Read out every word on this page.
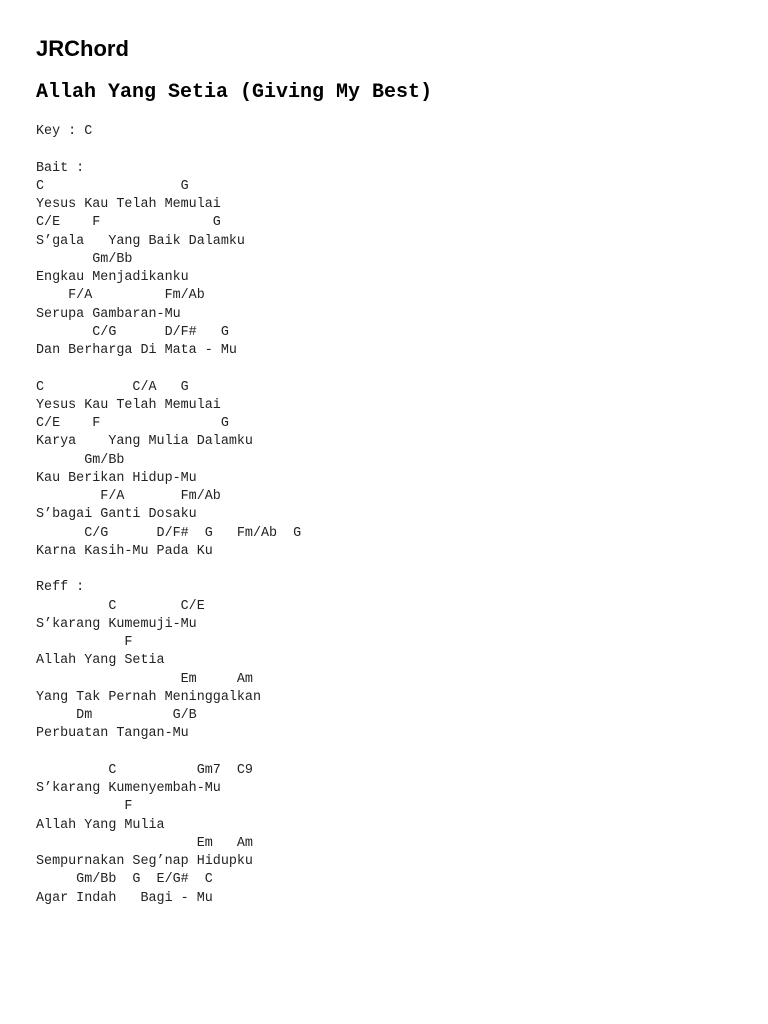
JRChord
Allah Yang Setia (Giving My Best)
Key : C
Bait :
C                 G
Yesus Kau Telah Memulai
C/E    F              G
S’gala   Yang Baik Dalamku
Gm/Bb
Engkau Menjadikanku
F/A         Fm/Ab
Serupa Gambaran-Mu
C/G      D/F#   G
Dan Berharga Di Mata - Mu
C           C/A   G
Yesus Kau Telah Memulai
C/E    F               G
Karya    Yang Mulia Dalamku
Gm/Bb
Kau Berikan Hidup-Mu
F/A       Fm/Ab
S’bagai Ganti Dosaku
C/G      D/F#  G   Fm/Ab  G
Karna Kasih-Mu Pada Ku
Reff :
C        C/E
S’karang Kumemuji-Mu
F
Allah Yang Setia
Em     Am
Yang Tak Pernah Meninggalkan
Dm          G/B
Perbuatan Tangan-Mu
C          Gm7  C9
S’karang Kumenyembah-Mu
F
Allah Yang Mulia
Em   Am
Sempurnakan Seg’nap Hidupku
Gm/Bb  G  E/G#  C
Agar Indah   Bagi - Mu
